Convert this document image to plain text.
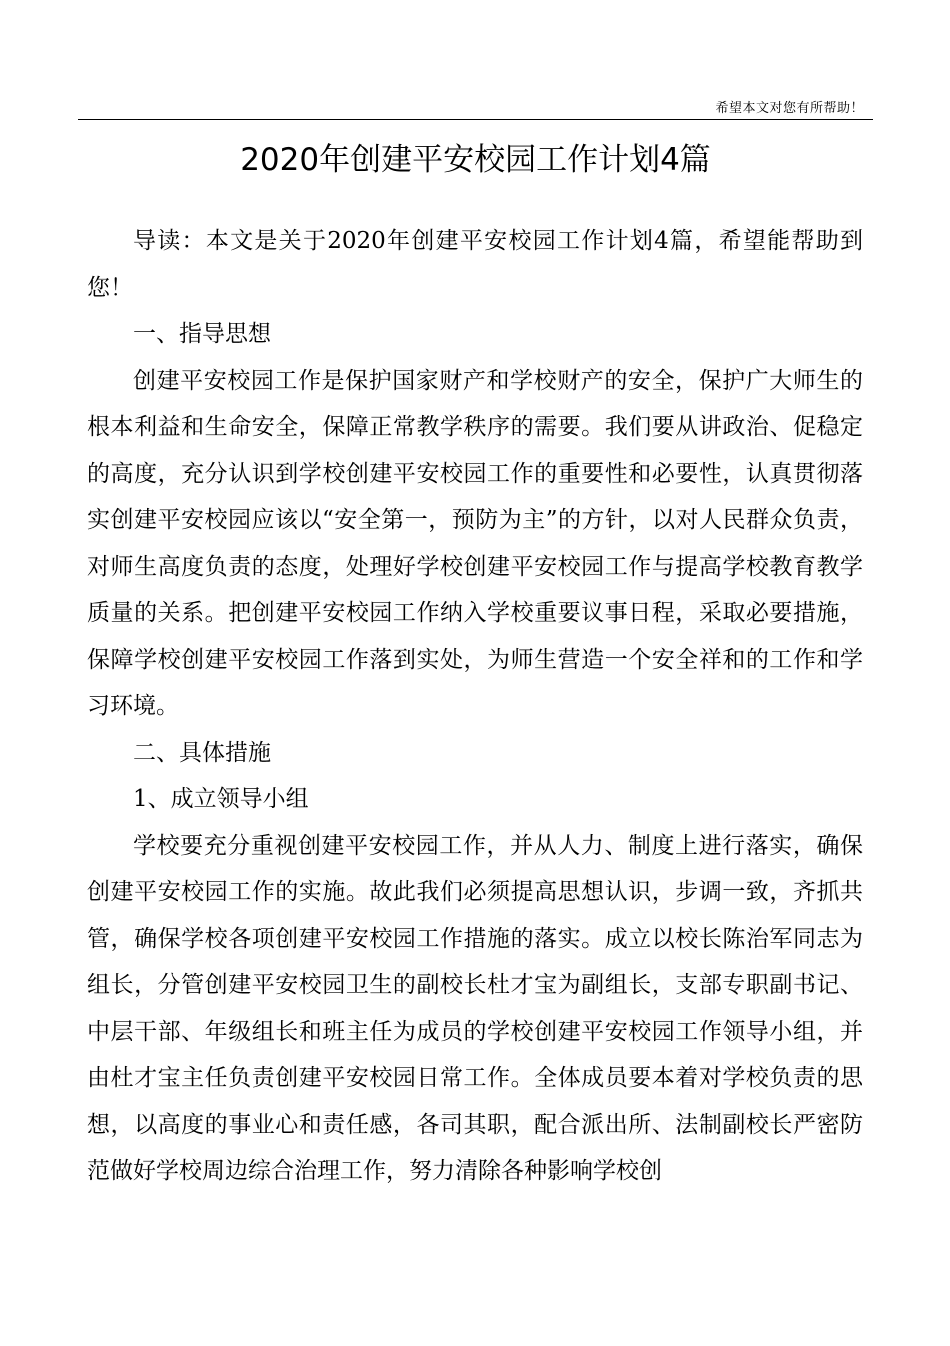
希望本文对您有所帮助！
2020年创建平安校园工作计划4篇

导读：本文是关于2020年创建平安校园工作计划4篇，希望能帮助到您！

一、指导思想

创建平安校园工作是保护国家财产和学校财产的安全，保护广大师生的根本利益和生命安全，保障正常教学秩序的需要。我们要从讲政治、促稳定的高度，充分认识到学校创建平安校园工作的重要性和必要性，认真贯彻落实创建平安校园应该以“安全第一，预防为主”的方针，以对人民群众负责，对师生高度负责的态度，处理好学校创建平安校园工作与提高学校教育教学质量的关系。把创建平安校园工作纳入学校重要议事日程，采取必要措施，保障学校创建平安校园工作落到实处，为师生营造一个安全祥和的工作和学习环境。

二、具体措施

1、成立领导小组

学校要充分重视创建平安校园工作，并从人力、制度上进行落实，确保创建平安校园工作的实施。故此我们必须提高思想认识，步调一致，齐抓共管，确保学校各项创建平安校园工作措施的落实。成立以校长陈治军同志为组长，分管创建平安校园卫生的副校长杜才宝为副组长，支部专职副书记、中层干部、年级组长和班主任为成员的学校创建平安校园工作领导小组，并由杜才宝主任负责创建平安校园日常工作。全体成员要本着对学校负责的思想，以高度的事业心和责任感，各司其职，配合派出所、法制副校长严密防范做好学校周边综合治理工作，努力清除各种影响学校创
